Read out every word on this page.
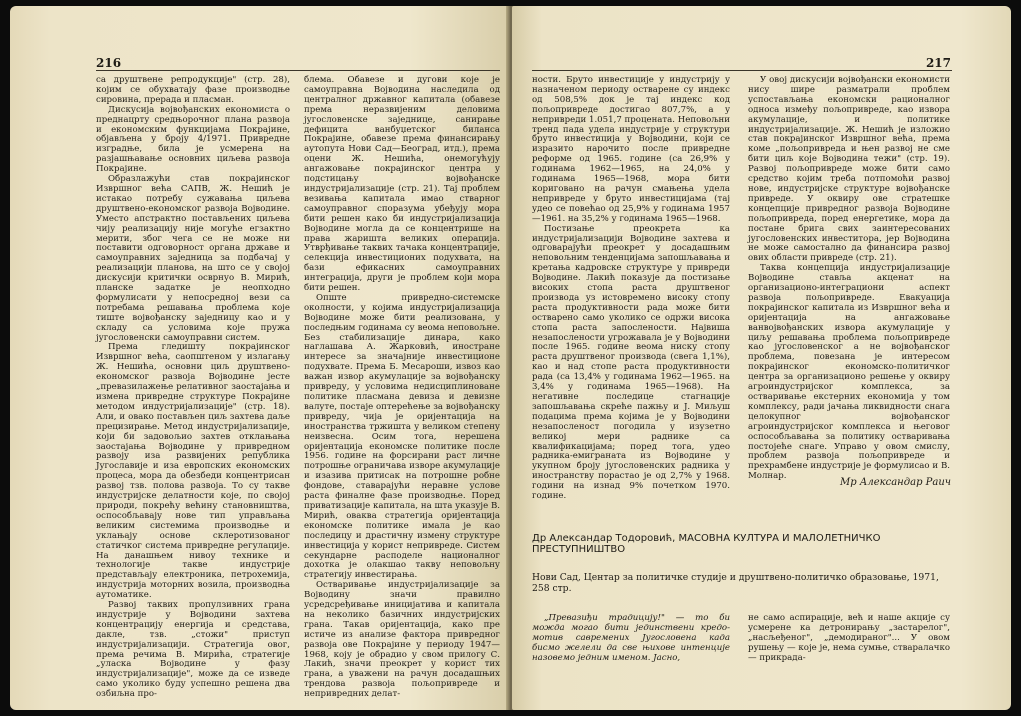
216

са друштвене репродукције" (стр. 28), којим се обухватају фазе производње сировина, прерада и пласман.

Дискусија војвођанских економиста о преднацрту средњорочног плана развоја и економским функцијама Покрајине, објављена у броју 4/1971. Привредне изградње, била је усмерена на разјашњавање основних циљева развоја Покрајине.

Образлажући став покрајинског Извршног већа САПВ, Ж. Нешић је истакао потребу сужавања циљева друштвено-економског развоја Војводине. Уместо апстрактно постављених циљева чију реализацију није могуће егзактно мерити, због чега се не може ни поставити одговорност органа државе и самоуправних заједница за подбачај у реализацији планова, на што се у својој дискусији критички осврнуо В. Мирић, планске задатке је неопходно формулисати у непосредној вези са потребама решавања проблема које тиште војвођанску заједницу као и у складу са условима које пружа југословенски самоуправни систем.

Према гледишту покрајинског Извршног већа, саопштеном у излагању Ж. Нешића, основни циљ друштвено-економског развоја Војводине јесте „превазилажење релативног заостајања и измена привредне структуре Покрајине методом индустријализације" (стр. 18). Али, и овако постављен циљ захтева даље прецизирање. Метод индустријализације, који би задовољио захтев отклањања заостајања Војводине у привредном развоју иза развијених република Југославије и иза европских економских процеса, мора да обезбеди концентрисан развој тзв. полова развоја. То су такве индустријске делатности које, по својој природи, покрећу већину становништва, оспособљавају нове тип управљања великим системима производње и уклањају основе склеротизованог статичког система привредне регулације. На данашњем нивоу технике и технологије такве индустрије представљају електроника, петрохемија, индустрија моторних возила, производња аутоматике.

Развој таквих пропулзивних грана индустрије у Војводини захтева концентрацију енергија и средстава, дакле, тзв. „стожи" приступ индустријализацији. Стратегија овог, према речима В. Мирића, стратегије „уласка Војводине у фазу индустријализације", може да се изведе само уколико буду успешно решена два озбиљна про-

блема. Обавезе и дугови које је самоуправна Војводина наследила од централног државног капитала (обавезе према неразвијеним деловима југословенске заједнице, санирање дефицита ванбуџетског биланса Покрајине, обавезе према финансирању аутопута Нови Сад—Београд, итд.), према оцени Ж. Нешића, онемогућују ангажовање покрајинског центра у подстицању војвођанске индустријализације (стр. 21). Тај проблем везивања капитала имао стварног самоуправног споразума убеђују мора бити решен како би индустријализација Војводине могла да се концентрише на права жаришта великих операција. Утврђивање таквих тачака концентрације, селекција инвестиционих подухвата, на бази ефикасних самоуправних интеграција, други је проблем који мора бити решен.

Опште привредно-системске околности, у којима индустријализација Војводине може бити реализована, у последњим годинама су веома неповољне. Без стабилизације динара, како наглашава А. Жарковић, иностране интересе за значајније инвестиционе подухвате. Према Б. Месароши, извоз као важан извор акумулације за војвођанску привреду, у условима недисциплиноване политике пласмана девиза и девизне валуте, постаје оптерећење за војвођанску привреду, чија је оријентација на иностранства тржишта у великом степену неизвесна. Осим тога, нерешена оријентација економске политике после 1956. године на форсирани раст личне потрошње ограничава изворе акумулације и изазива притисак на потрошне робне фондове, ставарајући неравне услове раста финалне фазе производње. Поред приватизације капитала, на шта указује В. Мирић, оваква стратегија оријентација економске политике имала је као последицу и драстичну измену структуре инвестиција у корист непривреде. Систем секундарне расподеле националног дохотка је олакшао такву неповољну стратегију инвестирања.

Остваривање индустријализације за Војводину значи правилно усредсређивање иницијатива и капитала на неколико базичних индустријских грана. Такав оријентација, како пре истиче из анализе фактора привредног развоја ове Покрајине у периоду 1947—1968, коју је обрадио у свом прилогу С. Лакић, значи преокрет у корист тих грана, а уважени на рачун досадашњих трендова развоја пољопривреде и непривредних делат-

217

ности. Бруто инвестиције у индустрију у назначеном периоду остварене су индекс од 508,5% док је тај индекс код пољопривреде достигао 807,7%, а у непривреди 1.051,7 процената. Неповољни тренд пада удела индустрије у структури бруто инвестиција у Војводини, који се изразито нарочито после привредне реформе од 1965. године (са 26,9% у годинама 1962—1965, на 24,0% у годинама 1965—1968, мора бити кориговано на рачун смањења удела непривреде у бруто инвестицијама (тај удео се повећао од 25,9% у годинама 1957—1961. на 35,2% у годинама 1965—1968.

Постизање преокрета ка индустријализацији Војводине захтева и одговарајући преокрет у досадашњим неповољним тенденцијама запошљавања и кретања кадровске структуре у привреди Војводине. Лакић показује да постизање високих стопа раста друштвеног производа уз истовремено високу стопу раста продуктивности рада може бити остварено само уколико се одржи висока стопа раста запослености. Највиша незапослености угрожавала је у Војводини после 1965. године веома ниску стопу раста друштвеног производа (свега 1,1%), као и над стопе раста продуктивности рада (са 13,4% у годинама 1962—1965. на 3,4% у годинама 1965—1968). На негативне последице стагнације запошљавања скреће пажњу и Ј. Миљуш подацима према којима је у Војводини незапосленост погодила у изузетно великој мери раднике са квалификацијама; поред тога, удео радника-емиграната из Војводине у укупном броју југословенских радника у иностранству порастао је од 2,7% у 1968. години на изнад 9% почетком 1970. године.

У овој дискусији војвођански економисти нису шире разматрали проблем успостављања економски рационалног односа између пољопривреде, као извора акумулације, и политике индустријализације. Ж. Нешић је изложио став покрајинског Извршног већа, према коме „пољопривреда и њен развој не сме бити циљ које Војводина тежи" (стр. 19). Развој пољопривреде може бити само средство којим треба потпомоћи развој нове, индустријске структуре војвођанске привреде. У оквиру ове стратешке концепције привредног развоја Војводине пољопривреда, поред енергетике, мора да постане брига свих заинтересованих југословенских инвеститора, јер Војводина не може самостално да финансира развој ових области привреде (стр. 21).

Таква концепција индустријализације Војводине ставља акценат на организационо-интеграциони аспект развоја пољопривреде. Евакуација покрајинског капитала из Извршног већа и оријентација на ангажовање ванвојвођанских извора акумулације у циљу решавања проблема пољопривреде као југословенског а не војвођанског проблема, повезана је интересом покрајинског економско-политичког центра за организационо решење у оквиру агроиндустријског комплекса, за остваривање екстерних економија у том комплексу, ради јачања ликвидности снага целокупног војвођанског агроиндустријског комплекса и његовог оспособљавања за политику остваривања постојеће снаге. Управо у овом смислу, проблем развоја пољопривреде и прехрамбене индустрије је формулисао и В. Молнар.

Мр Александар Раич
Др Александар Тодоровић, МАСОВНА КУЛТУРА И МАЛОЛЕТНИЧКО ПРЕСТУПНИШТВО
Нови Сад, Центар за политичке студије и друштвено-политичко образовање, 1971, 258 стр.

„Превазиђи традицију!" — то би можда могао бити јединствени кредо-мотив савремених Југословена када бисмо желели да све њихове интенције назовемо једним именом. Јасно,

не само аспирације, већ и наше акције су усмерене ка детронирању „застарелог", „насљеђеног", „демодираног"... У овом рушењу — које је, нема сумње, стваралачко — прикрада-
